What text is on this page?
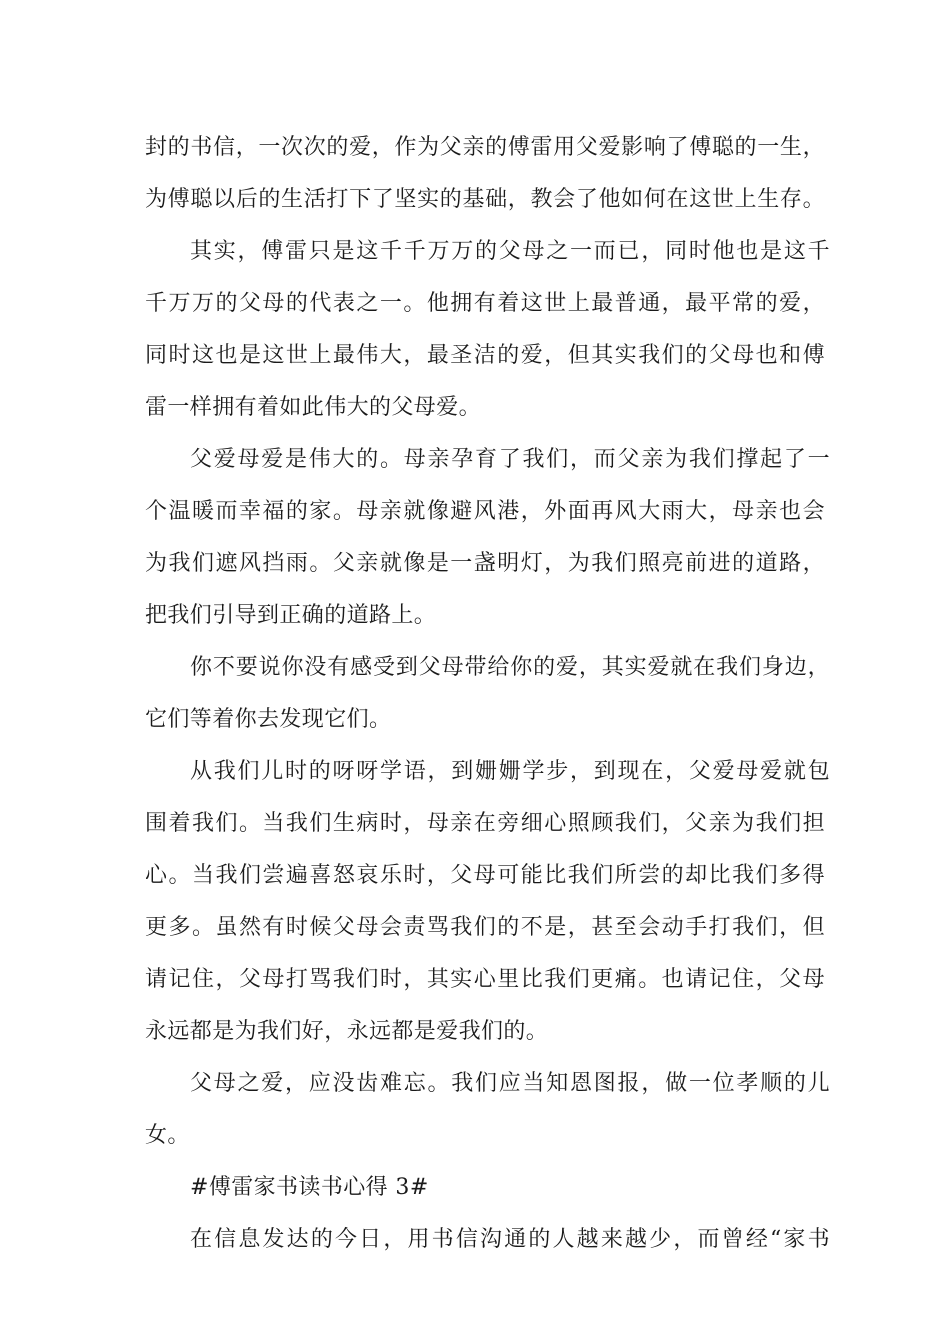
封的书信，一次次的爱，作为父亲的傅雷用父爱影响了傅聪的一生，
为傅聪以后的生活打下了坚实的基础，教会了他如何在这世上生存。
其实，傅雷只是这千千万万的父母之一而已，同时他也是这千
千万万的父母的代表之一。他拥有着这世上最普通，最平常的爱，
同时这也是这世上最伟大，最圣洁的爱，但其实我们的父母也和傅
雷一样拥有着如此伟大的父母爱。
父爱母爱是伟大的。母亲孕育了我们，而父亲为我们撑起了一
个温暖而幸福的家。母亲就像避风港，外面再风大雨大，母亲也会
为我们遮风挡雨。父亲就像是一盏明灯，为我们照亮前进的道路，
把我们引导到正确的道路上。
你不要说你没有感受到父母带给你的爱，其实爱就在我们身边，
它们等着你去发现它们。
从我们儿时的呀呀学语，到姗姗学步，到现在，父爱母爱就包
围着我们。当我们生病时，母亲在旁细心照顾我们，父亲为我们担
心。当我们尝遍喜怒哀乐时，父母可能比我们所尝的却比我们多得
更多。虽然有时候父母会责骂我们的不是，甚至会动手打我们，但
请记住，父母打骂我们时，其实心里比我们更痛。也请记住，父母
永远都是为我们好，永远都是爱我们的。
父母之爱，应没齿难忘。我们应当知恩图报，做一位孝顺的儿
女。
#傅雷家书读书心得 3#
在信息发达的今日，用书信沟通的人越来越少，而曾经“家书
